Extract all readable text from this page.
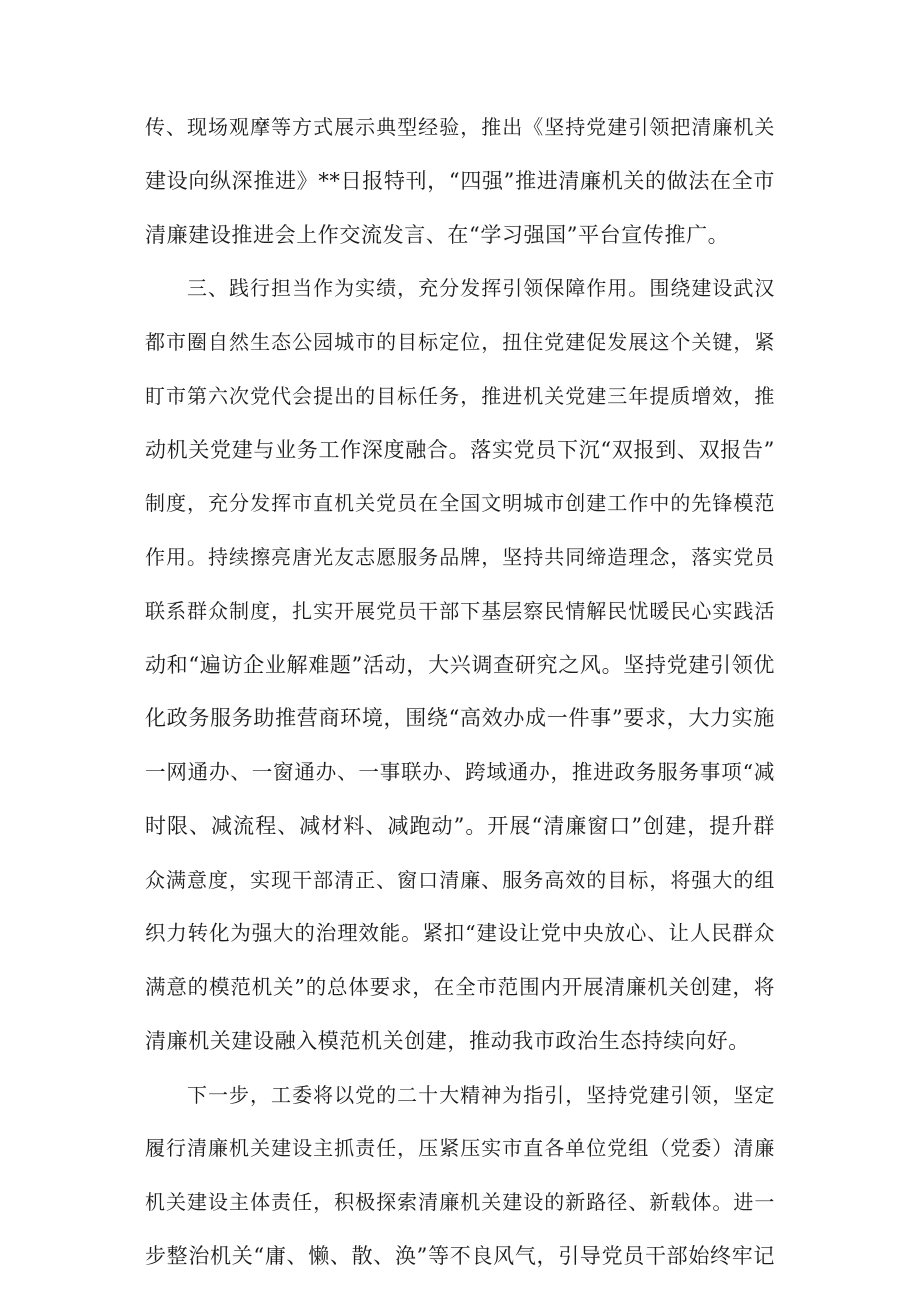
传、现场观摩等方式展示典型经验，推出《坚持党建引领把清廉机关
建设向纵深推进》**日报特刊，“四强”推进清廉机关的做法在全市
清廉建设推进会上作交流发言、在“学习强国”平台宣传推广。
三、践行担当作为实绩，充分发挥引领保障作用。围绕建设武汉
都市圈自然生态公园城市的目标定位，扭住党建促发展这个关键，紧
盯市第六次党代会提出的目标任务，推进机关党建三年提质增效，推
动机关党建与业务工作深度融合。落实党员下沉“双报到、双报告”
制度，充分发挥市直机关党员在全国文明城市创建工作中的先锋模范
作用。持续擦亮唐光友志愿服务品牌，坚持共同缔造理念，落实党员
联系群众制度，扎实开展党员干部下基层察民情解民忧暖民心实践活
动和“遍访企业解难题”活动，大兴调查研究之风。坚持党建引领优
化政务服务助推营商环境，围绕“高效办成一件事”要求，大力实施
一网通办、一窗通办、一事联办、跨域通办，推进政务服务事项“减
时限、减流程、减材料、减跑动”。开展“清廉窗口”创建，提升群
众满意度，实现干部清正、窗口清廉、服务高效的目标，将强大的组
织力转化为强大的治理效能。紧扣“建设让党中央放心、让人民群众
满意的模范机关”的总体要求，在全市范围内开展清廉机关创建，将
清廉机关建设融入模范机关创建，推动我市政治生态持续向好。
下一步，工委将以党的二十大精神为指引，坚持党建引领，坚定
履行清廉机关建设主抓责任，压紧压实市直各单位党组（党委）清廉
机关建设主体责任，积极探索清廉机关建设的新路径、新载体。进一
步整治机关“庸、懒、散、涣”等不良风气，引导党员干部始终牢记
